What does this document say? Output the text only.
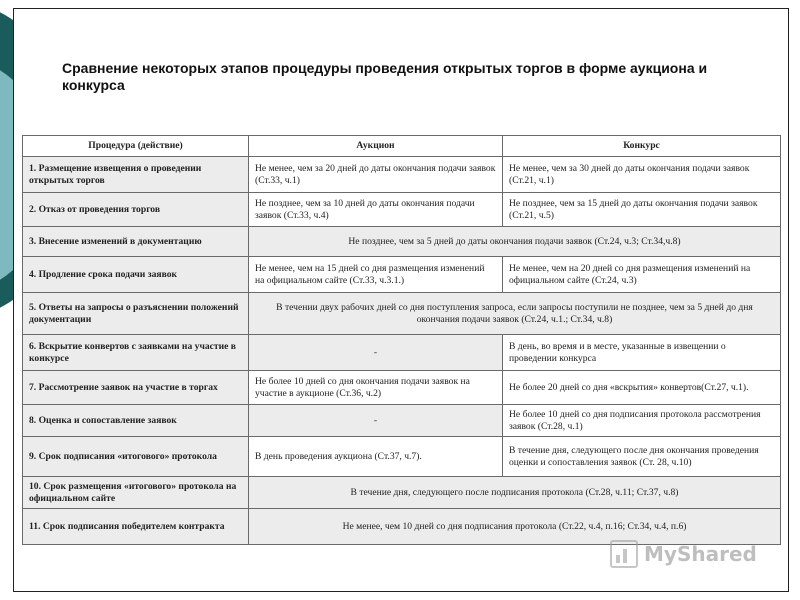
Сравнение некоторых этапов процедуры проведения открытых торгов в форме аукциона и конкурса
Процедура (действие)	Аукцион	Конкурс
1. Размещение извещения о проведении открытых торгов	Не менее, чем за 20 дней до даты окончания подачи заявок (Ст.33, ч.1)	Не менее, чем за 30 дней до даты окончания подачи заявок (Ст.21, ч.1)
2. Отказ от проведения торгов	Не позднее, чем за 10 дней до даты окончания подачи заявок (Ст.33, ч.4)	Не позднее, чем за 15 дней до даты окончания подачи заявок (Ст.21, ч.5)
3. Внесение изменений в документацию	Не позднее, чем за 5 дней до даты окончания подачи заявок (Ст.24, ч.3; Ст.34,ч.8)	
4. Продление срока подачи заявок	Не менее, чем на 15 дней со дня размещения изменений на официальном сайте (Ст.33, ч.3.1.)	Не менее, чем на 20 дней со дня размещения изменений на официальном сайте (Ст.24, ч.3)
5. Ответы на запросы о разъяснении положений документации	В течении двух рабочих дней со дня поступления запроса, если запросы поступили не позднее, чем за 5 дней до дня окончания подачи заявок (Ст.24, ч.1.; Ст.34, ч.8)	
6. Вскрытие конвертов с заявками на участие в конкурсе	-	В день, во время и в месте, указанные в извещении о проведении конкурса
7. Рассмотрение заявок на участие в торгах	Не более 10 дней со дня окончания подачи заявок на участие в аукционе (Ст.36, ч.2)	Не более 20 дней со дня «вскрытия» конвертов(Ст.27, ч.1).
8. Оценка и сопоставление заявок	-	Не более 10 дней со дня подписания протокола рассмотрения заявок (Ст.28, ч.1)
9. Срок подписания «итогового» протокола	В день проведения аукциона (Ст.37, ч.7).	В течение дня, следующего после дня окончания проведения оценки и сопоставления заявок (Ст. 28, ч.10)
10. Срок размещения «итогового» протокола на официальном сайте	В течение дня, следующего после подписания протокола (Ст.28, ч.11; Ст.37, ч.8)	
11. Срок подписания победителем контракта	Не менее, чем 10 дней со дня подписания протокола (Ст.22, ч.4, п.16; Ст.34, ч.4, п.6)	
MyShared
